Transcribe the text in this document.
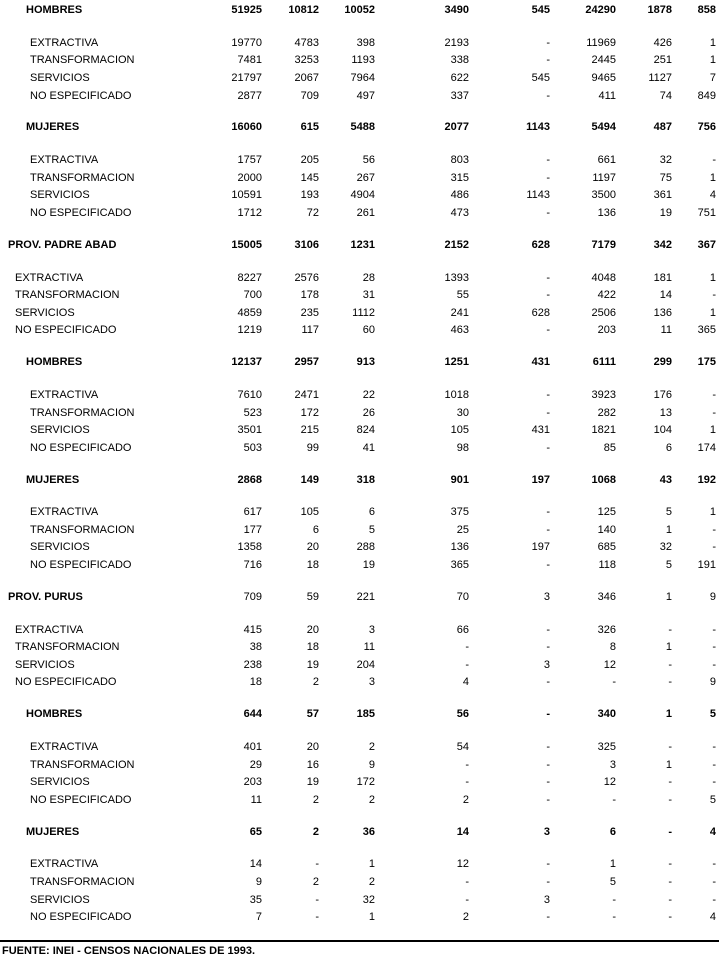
HOMBRES	51925	10812	10052	3490	545	24290	1878	858

EXTRACTIVA	19770	4783	398	2193	-	11969	426	1
TRANSFORMACION	7481	3253	1193	338	-	2445	251	1
SERVICIOS	21797	2067	7964	622	545	9465	1127	7
NO ESPECIFICADO	2877	709	497	337	-	411	74	849

MUJERES	16060	615	5488	2077	1143	5494	487	756

EXTRACTIVA	1757	205	56	803	-	661	32	-
TRANSFORMACION	2000	145	267	315	-	1197	75	1
SERVICIOS	10591	193	4904	486	1143	3500	361	4
NO ESPECIFICADO	1712	72	261	473	-	136	19	751

PROV. PADRE ABAD	15005	3106	1231	2152	628	7179	342	367

EXTRACTIVA	8227	2576	28	1393	-	4048	181	1
TRANSFORMACION	700	178	31	55	-	422	14	-
SERVICIOS	4859	235	1112	241	628	2506	136	1
NO ESPECIFICADO	1219	117	60	463	-	203	11	365

HOMBRES	12137	2957	913	1251	431	6111	299	175

EXTRACTIVA	7610	2471	22	1018	-	3923	176	-
TRANSFORMACION	523	172	26	30	-	282	13	-
SERVICIOS	3501	215	824	105	431	1821	104	1
NO ESPECIFICADO	503	99	41	98	-	85	6	174

MUJERES	2868	149	318	901	197	1068	43	192

EXTRACTIVA	617	105	6	375	-	125	5	1
TRANSFORMACION	177	6	5	25	-	140	1	-
SERVICIOS	1358	20	288	136	197	685	32	-
NO ESPECIFICADO	716	18	19	365	-	118	5	191

PROV. PURUS	709	59	221	70	3	346	1	9

EXTRACTIVA	415	20	3	66	-	326	-	-
TRANSFORMACION	38	18	11	-	-	8	1	-
SERVICIOS	238	19	204	-	3	12	-	-
NO ESPECIFICADO	18	2	3	4	-	-	-	9

HOMBRES	644	57	185	56	-	340	1	5

EXTRACTIVA	401	20	2	54	-	325	-	-
TRANSFORMACION	29	16	9	-	-	3	1	-
SERVICIOS	203	19	172	-	-	12	-	-
NO ESPECIFICADO	11	2	2	2	-	-	-	5

MUJERES	65	2	36	14	3	6	-	4

EXTRACTIVA	14	-	1	12	-	1	-	-
TRANSFORMACION	9	2	2	-	-	5	-	-
SERVICIOS	35	-	32	-	3	-	-	-
NO ESPECIFICADO	7	-	1	2	-	-	-	4

FUENTE: INEI - CENSOS NACIONALES DE 1993.
